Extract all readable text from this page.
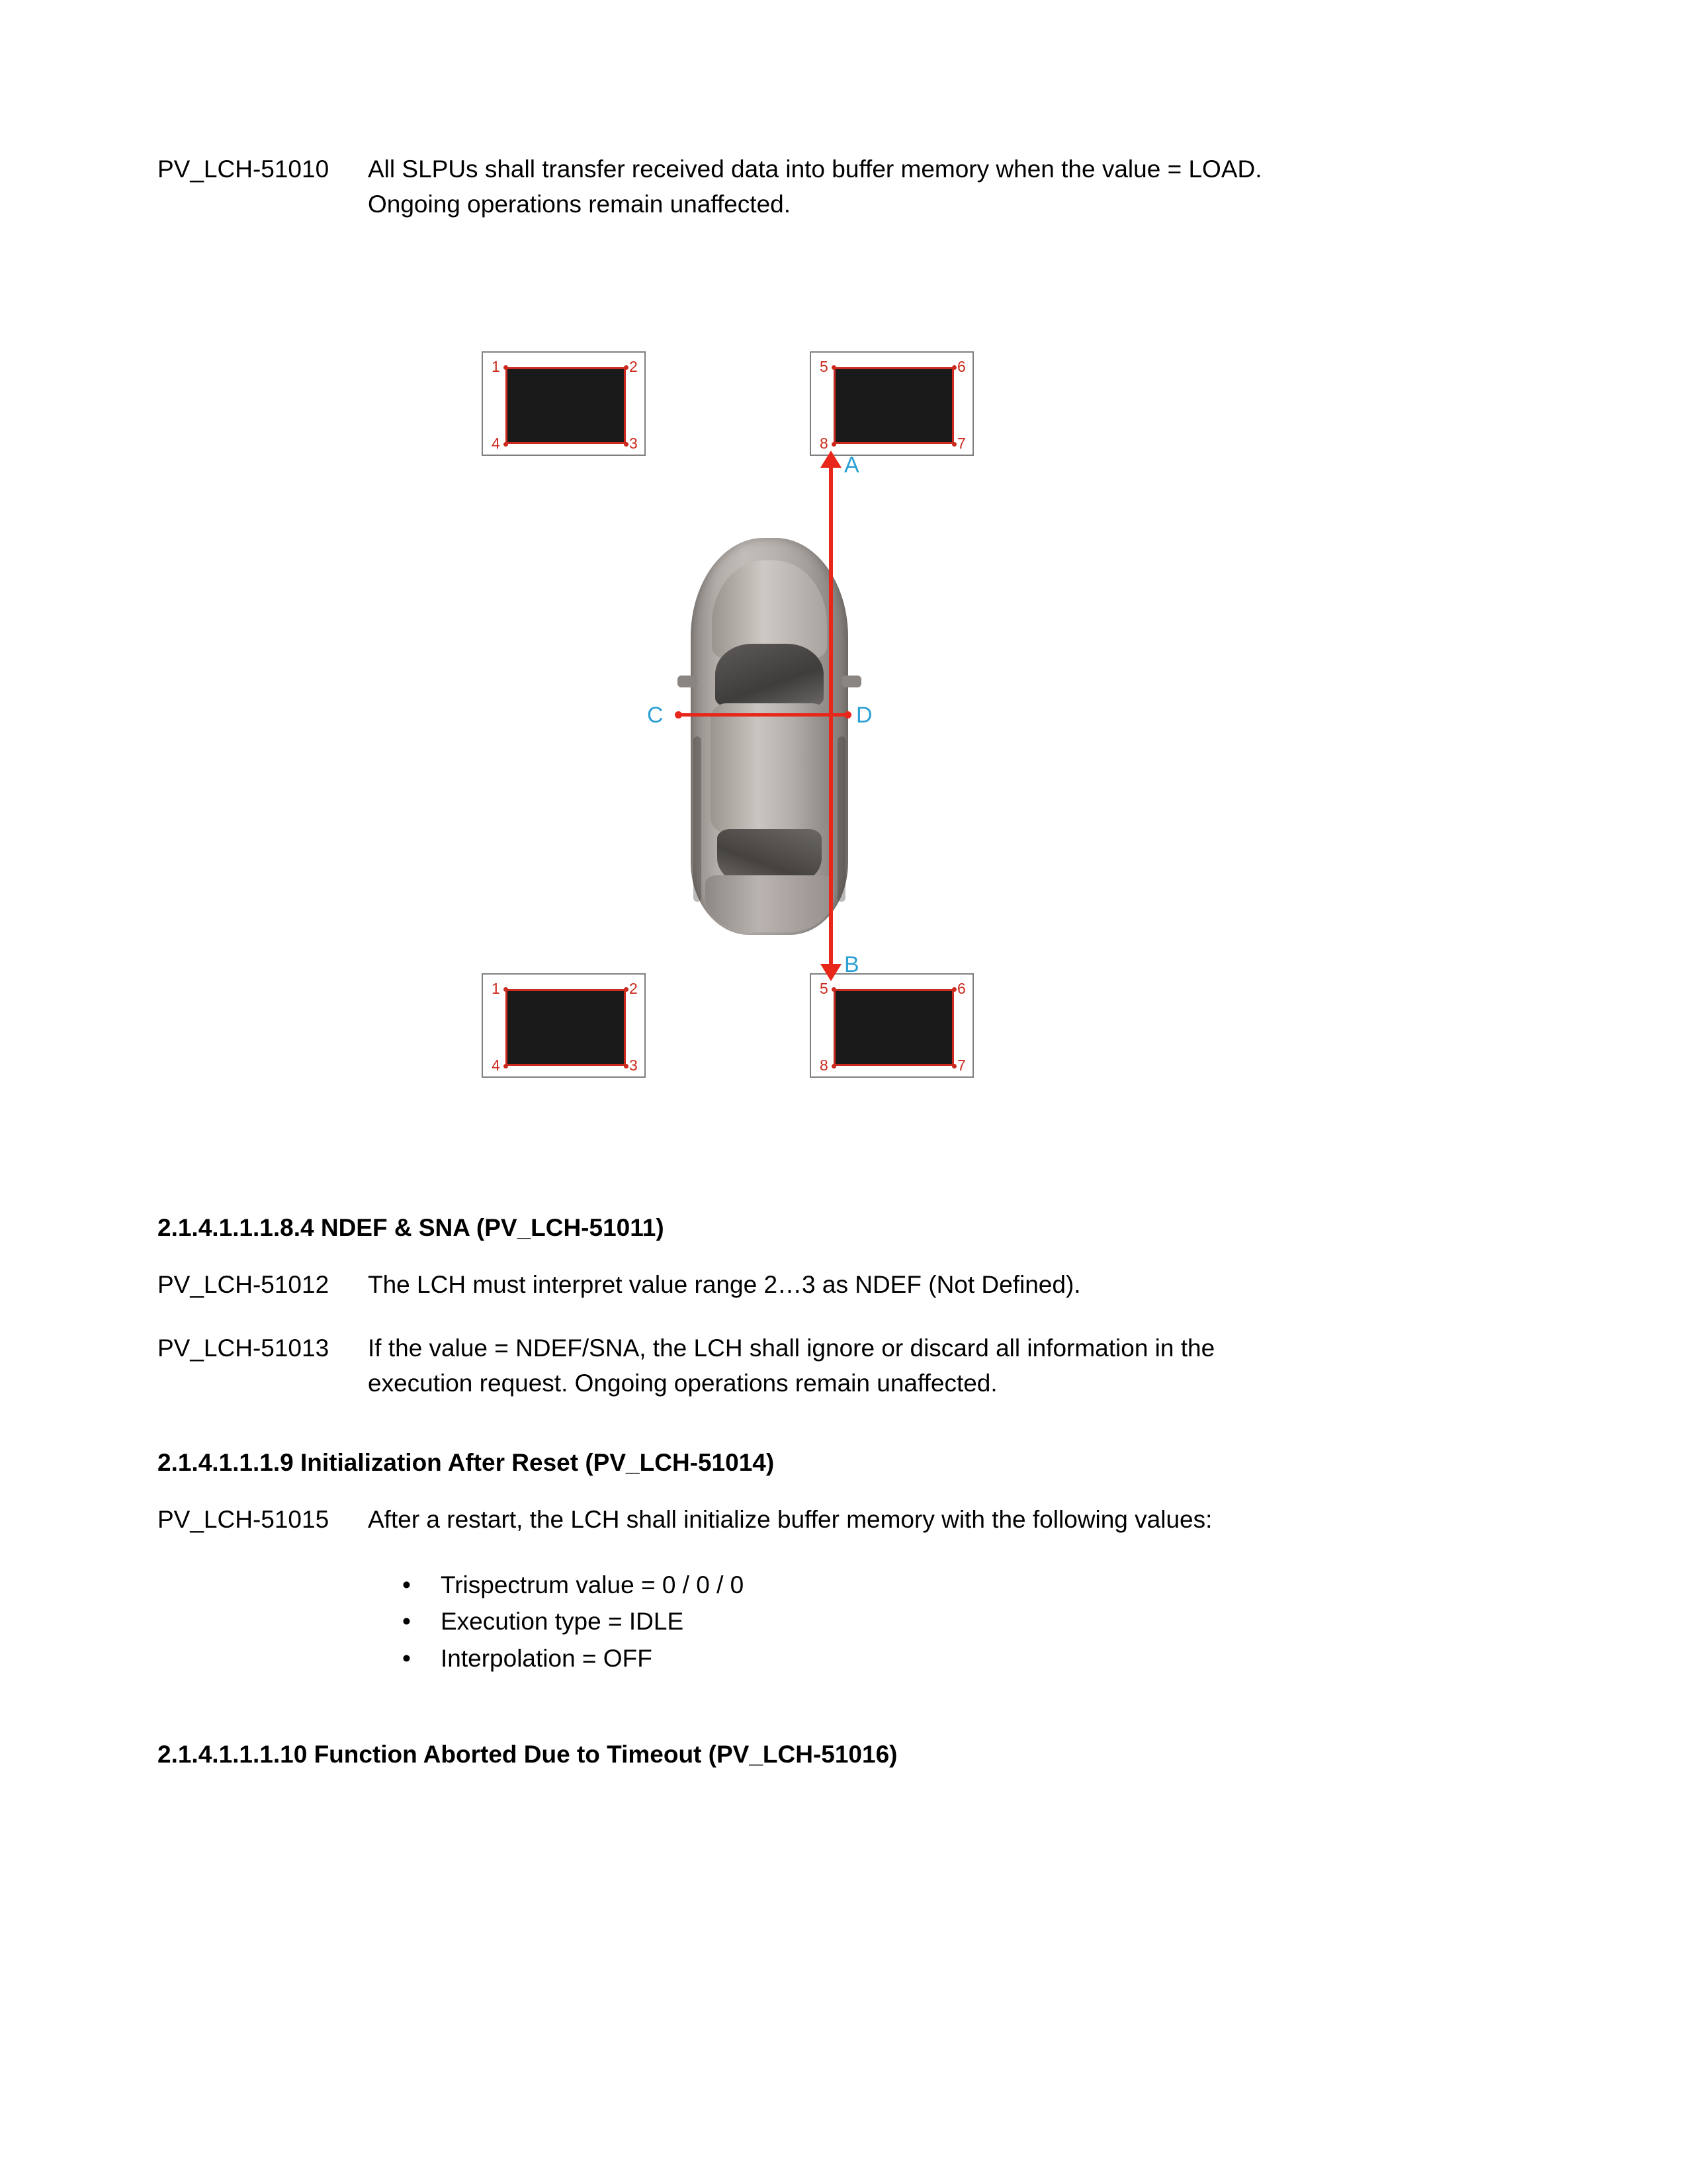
PV_LCH-51010	All SLPUs shall transfer received data into buffer memory when the value = LOAD.
Ongoing operations remain unaffected.
1	2
4	3
5	6
8	7
1	2
4	3
5	6
8	7
A
B
C	D
2.1.4.1.1.1.8.4 NDEF & SNA (PV_LCH-51011)
PV_LCH-51012	The LCH must interpret value range 2…3 as NDEF (Not Defined).
PV_LCH-51013	If the value = NDEF/SNA, the LCH shall ignore or discard all information in the
execution request. Ongoing operations remain unaffected.
2.1.4.1.1.1.9 Initialization After Reset (PV_LCH-51014)
PV_LCH-51015	After a restart, the LCH shall initialize buffer memory with the following values:
• Trispectrum value = 0 / 0 / 0
• Execution type = IDLE
• Interpolation = OFF
2.1.4.1.1.1.10 Function Aborted Due to Timeout (PV_LCH-51016)
